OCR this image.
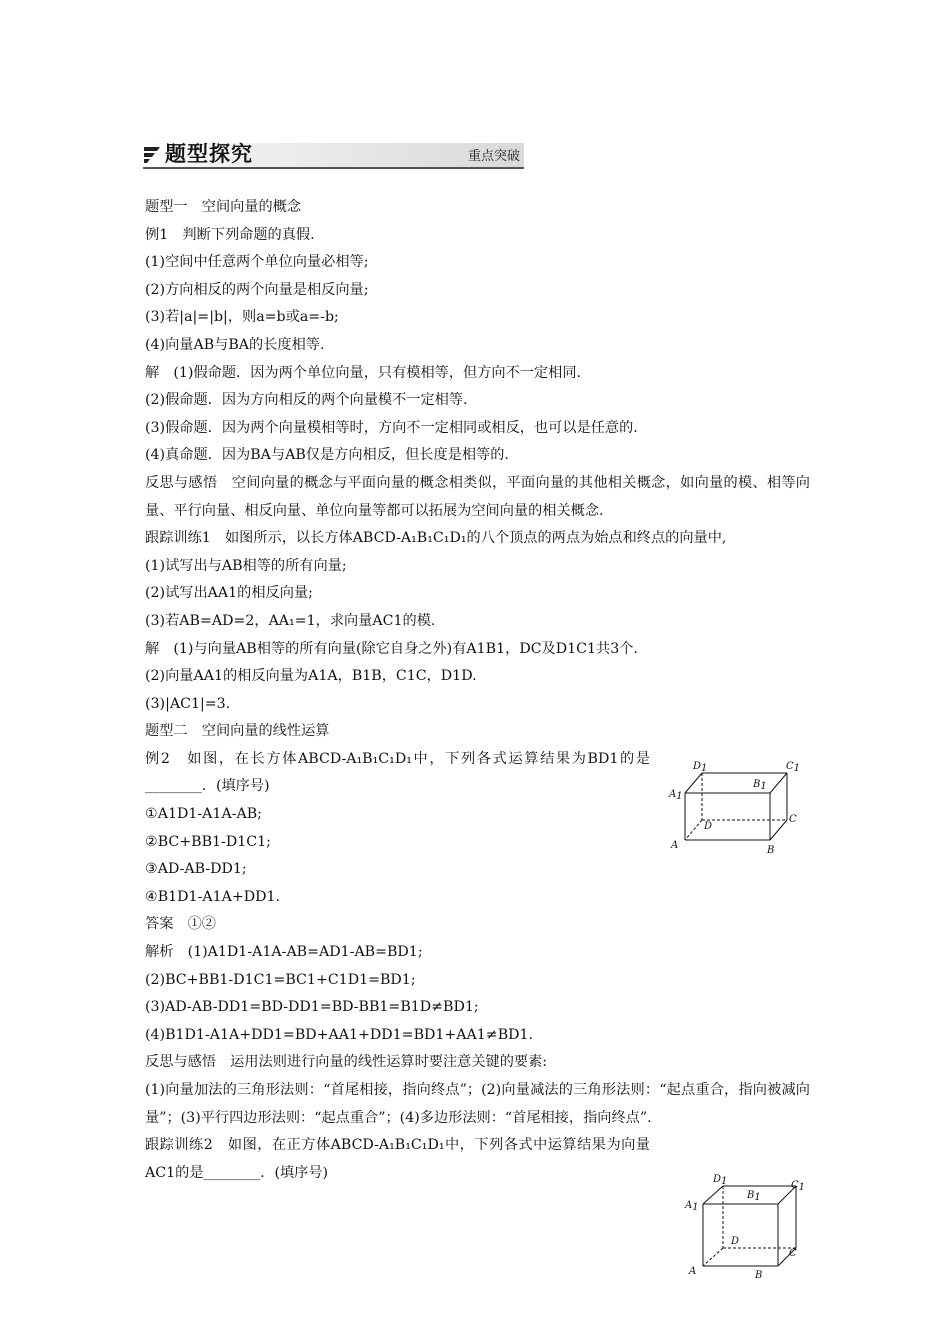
题型探究	重点突破
题型一　空间向量的概念
例1　判断下列命题的真假.
(1)空间中任意两个单位向量必相等;
(2)方向相反的两个向量是相反向量;
(3)若|a|=|b|，则a=b或a=-b;
(4)向量AB与BA的长度相等.
解　(1)假命题．因为两个单位向量，只有模相等，但方向不一定相同.
(2)假命题．因为方向相反的两个向量模不一定相等.
(3)假命题．因为两个向量模相等时，方向不一定相同或相反，也可以是任意的.
(4)真命题．因为BA与AB仅是方向相反，但长度是相等的.
反思与感悟　空间向量的概念与平面向量的概念相类似，平面向量的其他相关概念，如向量的模、相等向量、平行向量、相反向量、单位向量等都可以拓展为空间向量的相关概念.
跟踪训练1　如图所示，以长方体ABCD-A₁B₁C₁D₁的八个顶点的两点为始点和终点的向量中,
(1)试写出与AB相等的所有向量;
(2)试写出AA1的相反向量;
(3)若AB=AD=2，AA₁=1，求向量AC1的模.
解　(1)与向量AB相等的所有向量(除它自身之外)有A1B1，DC及D1C1共3个.
(2)向量AA1的相反向量为A1A，B1B，C1C，D1D.
(3)|AC1|=3.
题型二　空间向量的线性运算
例2　如图，在长方体ABCD-A₁B₁C₁D₁中，下列各式运算结果为BD1的是________．(填序号)
①A1D1-A1A-AB;
②BC+BB1-D1C1;
③AD-AB-DD1;
④B1D1-A1A+DD1.
答案　①②
解析　(1)A1D1-A1A-AB=AD1-AB=BD1;
(2)BC+BB1-D1C1=BC1+C1D1=BD1;
(3)AD-AB-DD1=BD-DD1=BD-BB1=B1D≠BD1;
(4)B1D1-A1A+DD1=BD+AA1+DD1=BD1+AA1≠BD1.
反思与感悟　运用法则进行向量的线性运算时要注意关键的要素:
(1)向量加法的三角形法则：“首尾相接，指向终点”；(2)向量减法的三角形法则：“起点重合，指向被减向量”；(3)平行四边形法则：“起点重合”；(4)多边形法则：“首尾相接，指向终点”.
跟踪训练2　如图，在正方体ABCD-A₁B₁C₁D₁中，下列各式中运算结果为向量AC1的是________．(填序号)
D1	C1
A1
B1
D
C
A	B
D1	C1
A1
B1
D
C
A	B
